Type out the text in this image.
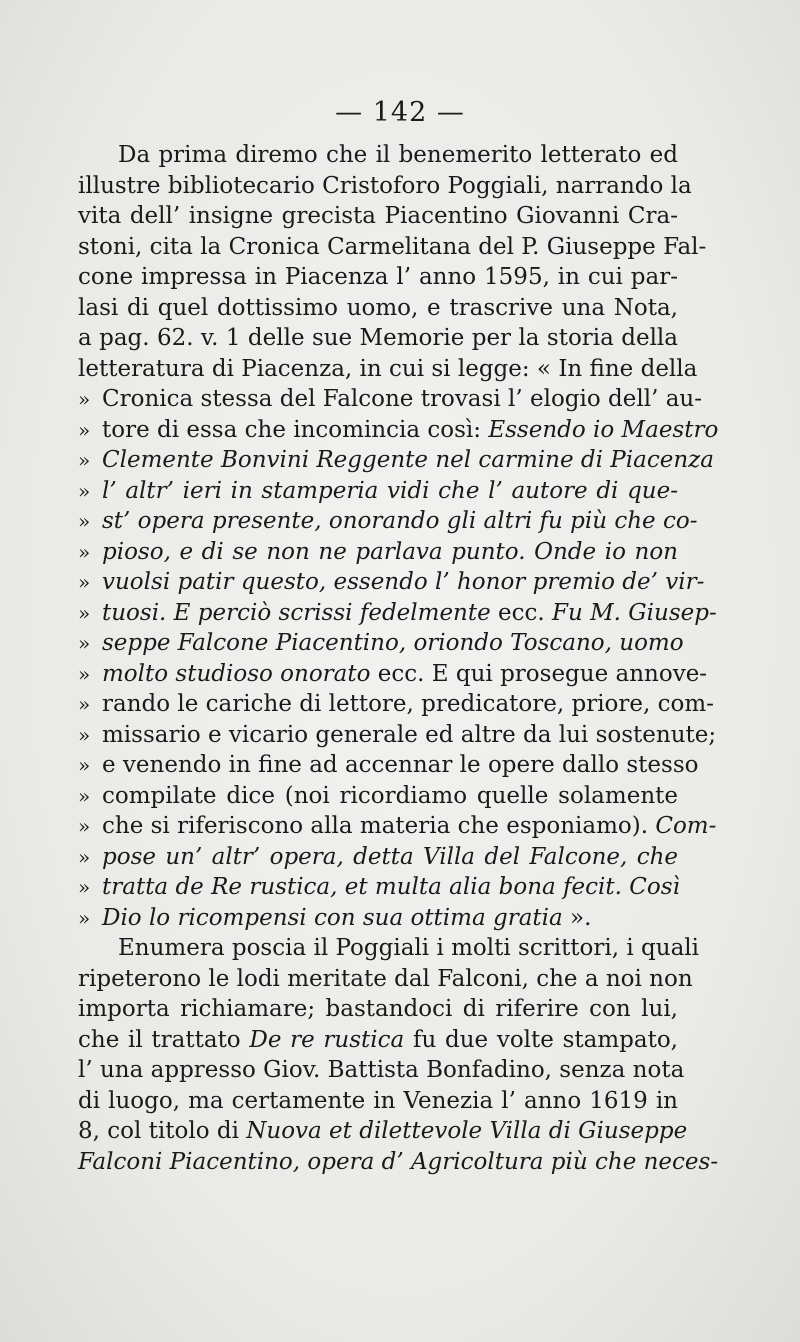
— 142 —
Da prima diremo che il benemerito letterato ed
illustre bibliotecario Cristoforo Poggiali, narrando la
vita dell’ insigne grecista Piacentino Giovanni Cra-
stoni, cita la Cronica Carmelitana del P. Giuseppe Fal-
cone impressa in Piacenza l’ anno 1595, in cui par-
lasi di quel dottissimo uomo, e trascrive una Nota,
a pag. 62. v. 1 delle sue Memorie per la storia della
letteratura di Piacenza, in cui si legge: « In fine della
» Cronica stessa del Falcone trovasi l’ elogio dell’ au-
» tore di essa che incomincia così: Essendo io Maestro
» Clemente Bonvini Reggente nel carmine di Piacenza
» l’ altr’ ieri in stamperia vidi che l’ autore di que-
» st’ opera presente, onorando gli altri fu più che co-
» pioso, e di se non ne parlava punto. Onde io non
» vuolsi patir questo, essendo l’ honor premio de’ vir-
» tuosi. E perciò scrissi fedelmente ecc. Fu M. Giusep-
» seppe Falcone Piacentino, oriondo Toscano, uomo
» molto studioso onorato ecc. E qui prosegue annove-
» rando le cariche di lettore, predicatore, priore, com-
» missario e vicario generale ed altre da lui sostenute;
» e venendo in fine ad accennar le opere dallo stesso
» compilate dice (noi ricordiamo quelle solamente
» che si riferiscono alla materia che esponiamo). Com-
» pose un’ altr’ opera, detta Villa del Falcone, che
» tratta de Re rustica, et multa alia bona fecit. Così
» Dio lo ricompensi con sua ottima gratia ».
Enumera poscia il Poggiali i molti scrittori, i quali
ripeterono le lodi meritate dal Falconi, che a noi non
importa richiamare; bastandoci di riferire con lui,
che il trattato De re rustica fu due volte stampato,
l’ una appresso Giov. Battista Bonfadino, senza nota
di luogo, ma certamente in Venezia l’ anno 1619 in
8, col titolo di Nuova et dilettevole Villa di Giuseppe
Falconi Piacentino, opera d’ Agricoltura più che neces-
